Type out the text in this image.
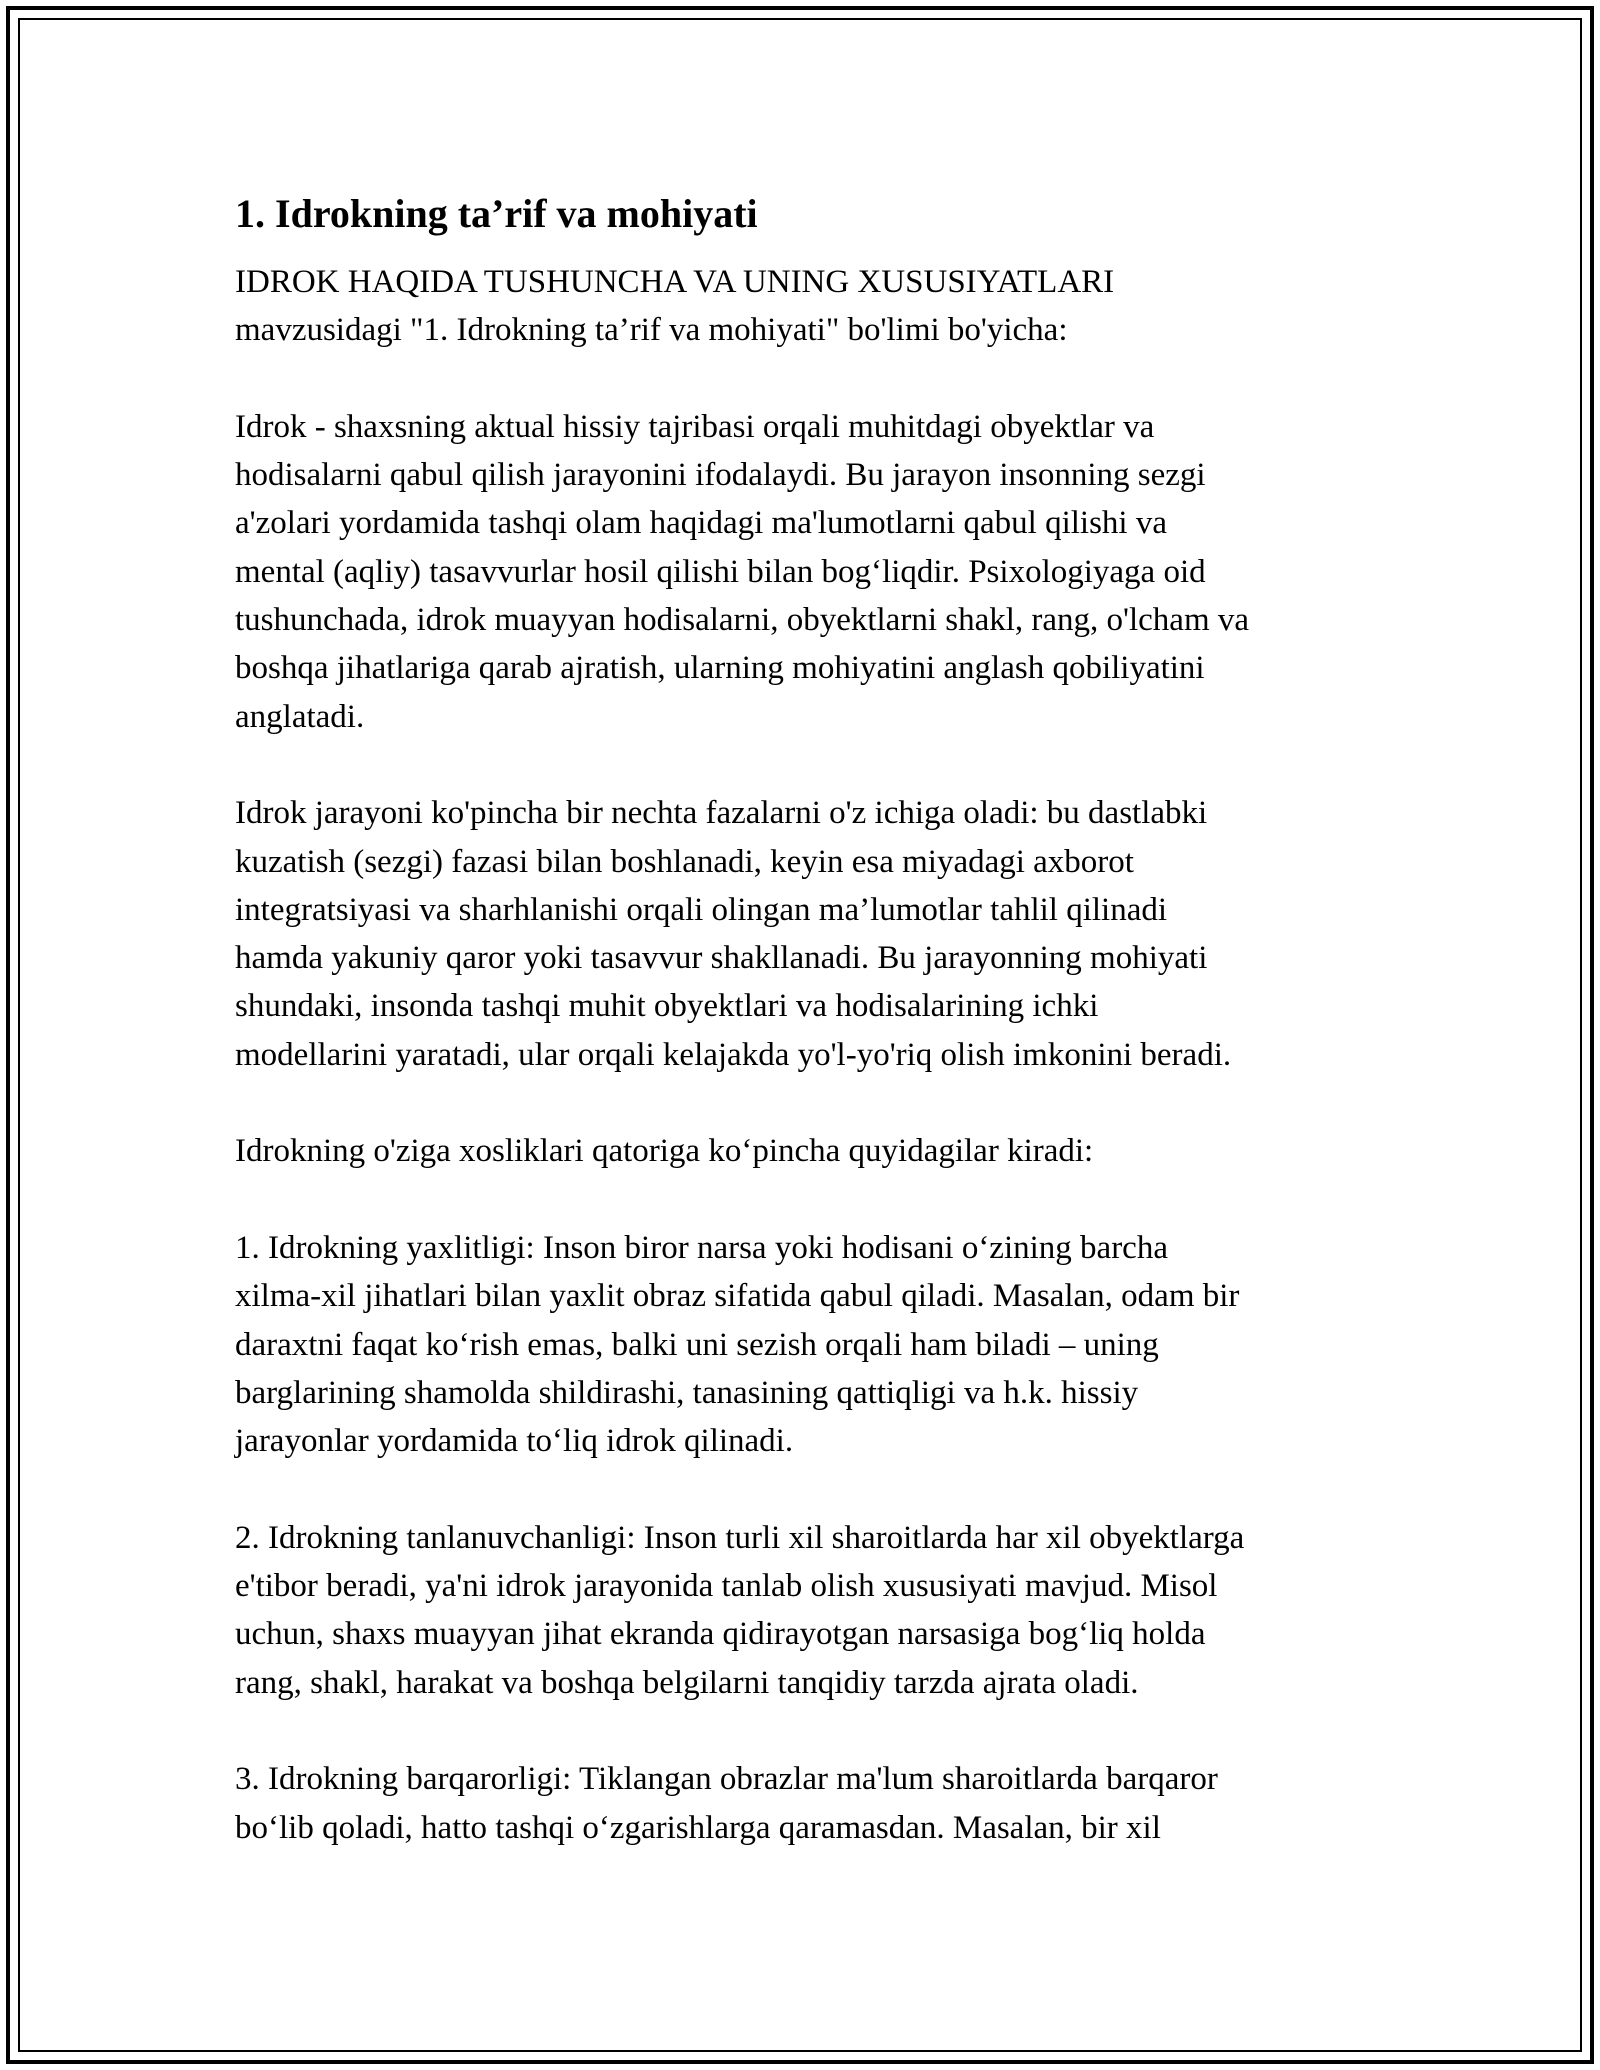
1. Idrokning ta’rif va mohiyati

IDROK HAQIDA TUSHUNCHA VA UNING XUSUSIYATLARI
mavzusidagi "1. Idrokning ta’rif va mohiyati" bo'limi bo'yicha:

Idrok - shaxsning aktual hissiy tajribasi orqali muhitdagi obyektlar va
hodisalarni qabul qilish jarayonini ifodalaydi. Bu jarayon insonning sezgi
a'zolari yordamida tashqi olam haqidagi ma'lumotlarni qabul qilishi va
mental (aqliy) tasavvurlar hosil qilishi bilan bog‘liqdir. Psixologiyaga oid
tushunchada, idrok muayyan hodisalarni, obyektlarni shakl, rang, o'lcham va
boshqa jihatlariga qarab ajratish, ularning mohiyatini anglash qobiliyatini
anglatadi.

Idrok jarayoni ko'pincha bir nechta fazalarni o'z ichiga oladi: bu dastlabki
kuzatish (sezgi) fazasi bilan boshlanadi, keyin esa miyadagi axborot
integratsiyasi va sharhlanishi orqali olingan ma’lumotlar tahlil qilinadi
hamda yakuniy qaror yoki tasavvur shakllanadi. Bu jarayonning mohiyati
shundaki, insonda tashqi muhit obyektlari va hodisalarining ichki
modellarini yaratadi, ular orqali kelajakda yo'l-yo'riq olish imkonini beradi.

Idrokning o'ziga xosliklari qatoriga ko‘pincha quyidagilar kiradi:

1. Idrokning yaxlitligi: Inson biror narsa yoki hodisani o‘zining barcha
xilma-xil jihatlari bilan yaxlit obraz sifatida qabul qiladi. Masalan, odam bir
daraxtni faqat ko‘rish emas, balki uni sezish orqali ham biladi – uning
barglarining shamolda shildirashi, tanasining qattiqligi va h.k. hissiy
jarayonlar yordamida to‘liq idrok qilinadi.

2. Idrokning tanlanuvchanligi: Inson turli xil sharoitlarda har xil obyektlarga
e'tibor beradi, ya'ni idrok jarayonida tanlab olish xususiyati mavjud. Misol
uchun, shaxs muayyan jihat ekranda qidirayotgan narsasiga bog‘liq holda
rang, shakl, harakat va boshqa belgilarni tanqidiy tarzda ajrata oladi.

3. Idrokning barqarorligi: Tiklangan obrazlar ma'lum sharoitlarda barqaror
bo‘lib qoladi, hatto tashqi o‘zgarishlarga qaramasdan. Masalan, bir xil
